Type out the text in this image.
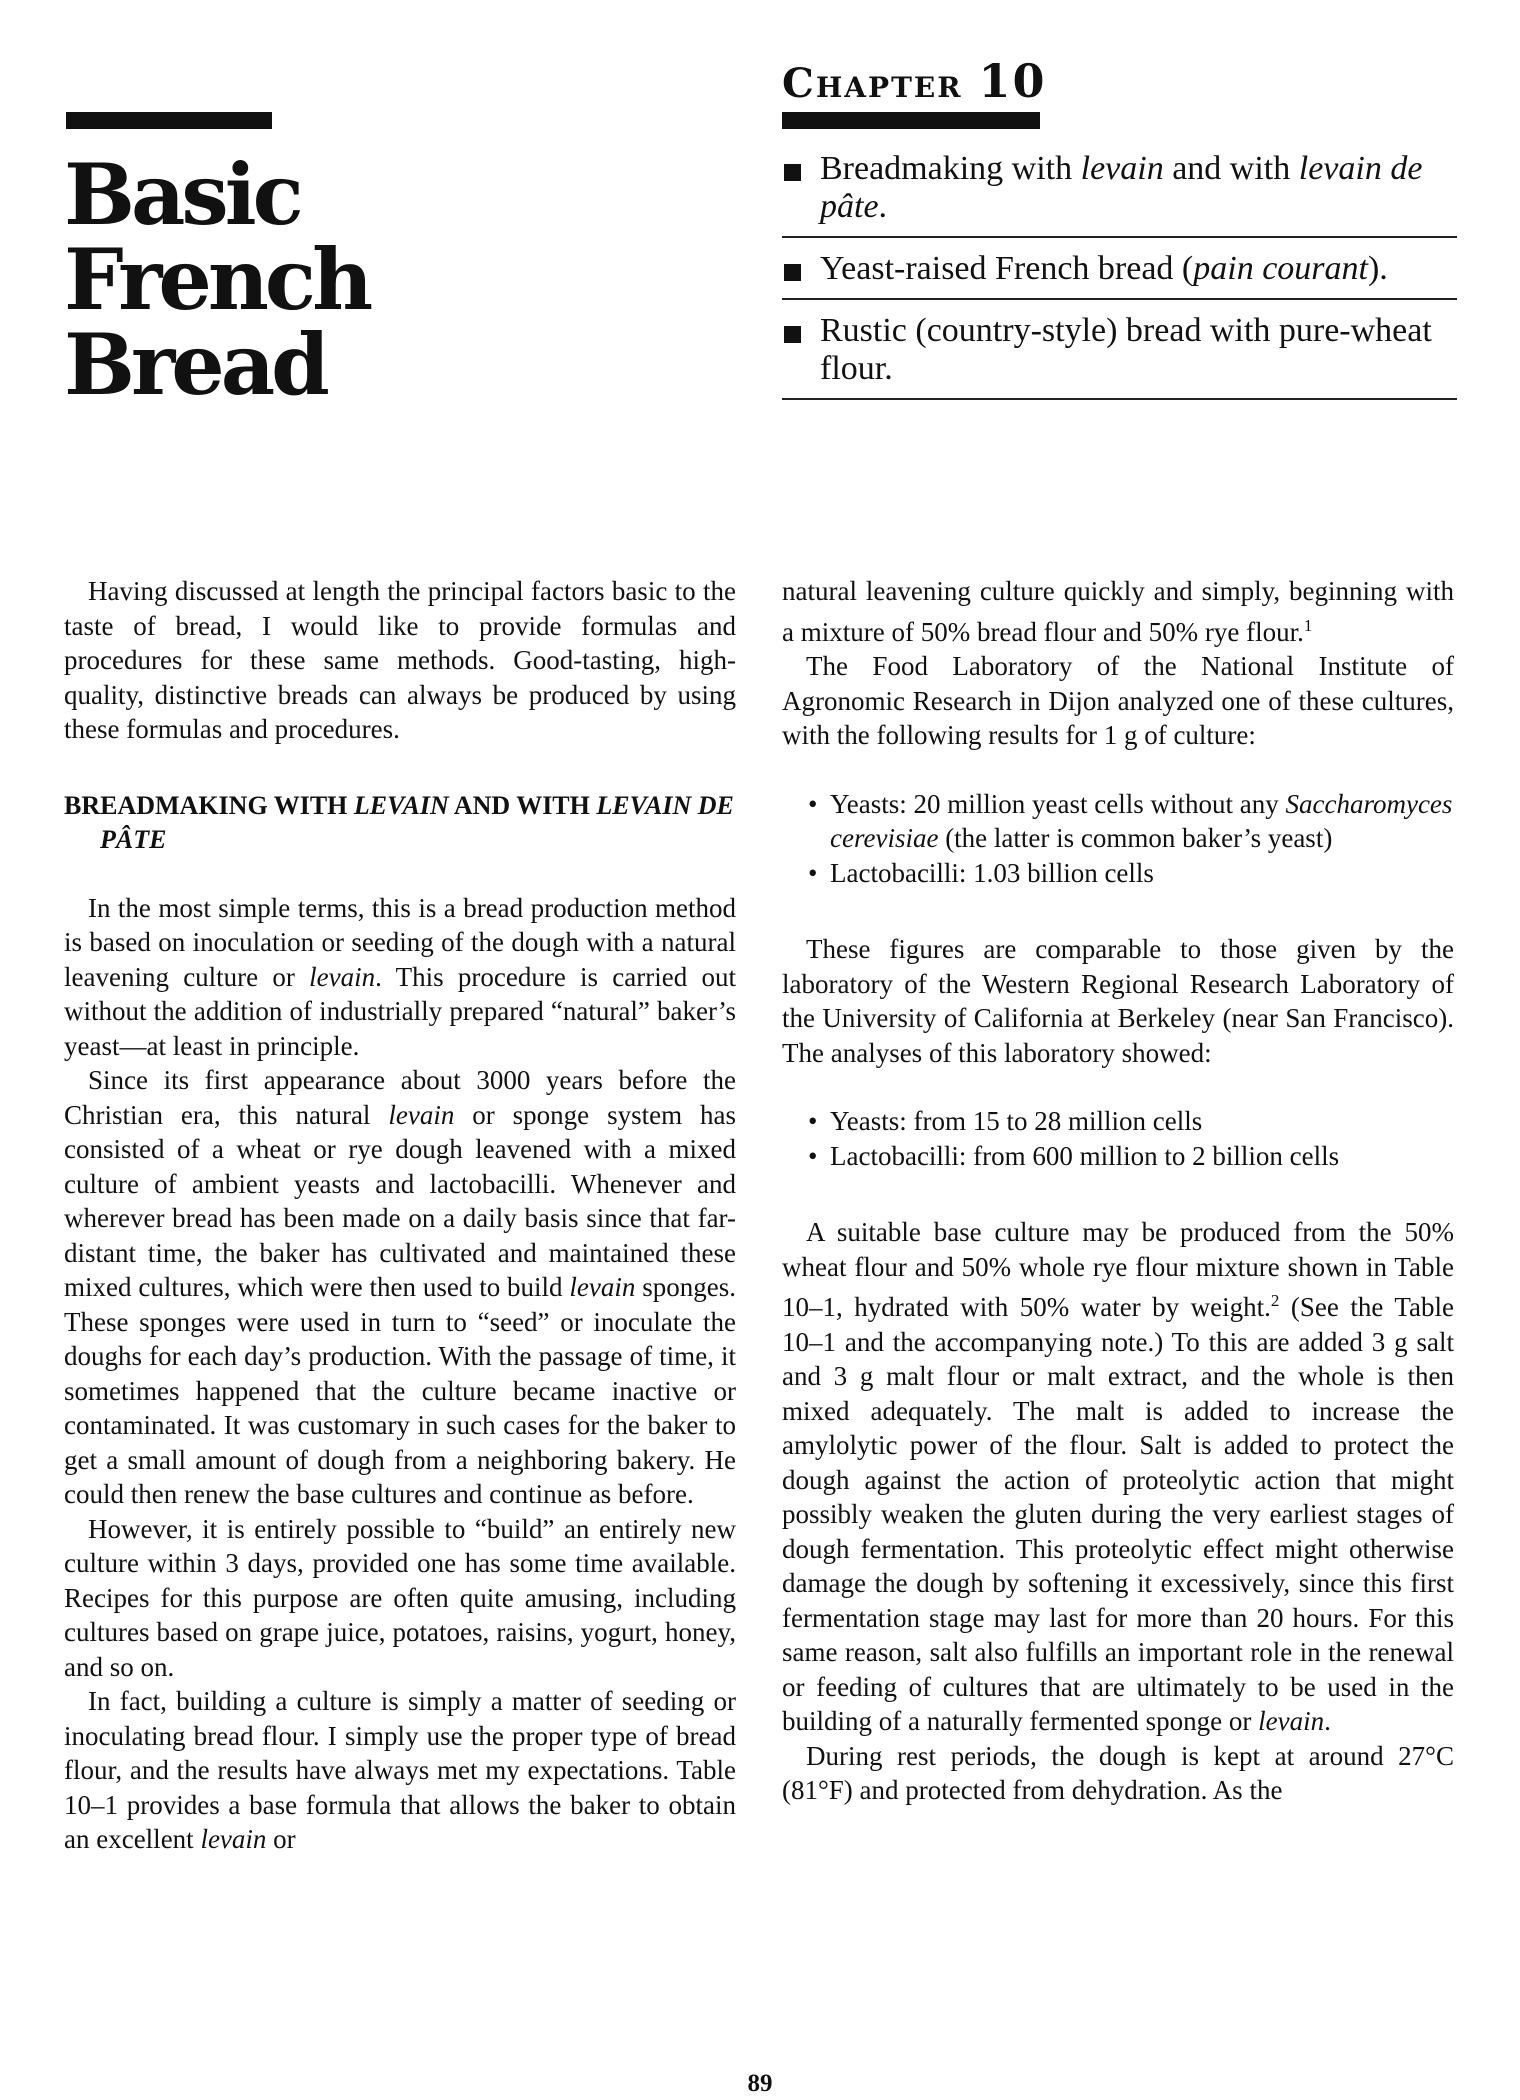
Basic
French Bread
Chapter 10
Breadmaking with levain and with levain de pâte.
Yeast-raised French bread (pain courant).
Rustic (country-style) bread with pure-wheat flour.

Having discussed at length the principal factors basic to the taste of bread, I would like to provide formulas and procedures for these same methods. Good-tasting, high-quality, distinctive breads can always be produced by using these formulas and procedures.

BREADMAKING WITH LEVAIN AND WITH LEVAIN DE PÂTE

In the most simple terms, this is a bread production method is based on inoculation or seeding of the dough with a natural leavening culture or levain. This procedure is carried out without the addition of industrially prepared “natural” baker’s yeast—at least in principle.

Since its first appearance about 3000 years before the Christian era, this natural levain or sponge system has consisted of a wheat or rye dough leavened with a mixed culture of ambient yeasts and lactobacilli. Whenever and wherever bread has been made on a daily basis since that far-distant time, the baker has cultivated and maintained these mixed cultures, which were then used to build levain sponges. These sponges were used in turn to “seed” or inoculate the doughs for each day’s production. With the passage of time, it sometimes happened that the culture became inactive or contaminated. It was customary in such cases for the baker to get a small amount of dough from a neighboring bakery. He could then renew the base cultures and continue as before.

However, it is entirely possible to “build” an entirely new culture within 3 days, provided one has some time available. Recipes for this purpose are often quite amusing, including cultures based on grape juice, potatoes, raisins, yogurt, honey, and so on.

In fact, building a culture is simply a matter of seeding or inoculating bread flour. I simply use the proper type of bread flour, and the results have always met my expectations. Table 10–1 provides a base formula that allows the baker to obtain an excellent levain or

natural leavening culture quickly and simply, beginning with a mixture of 50% bread flour and 50% rye flour.$^1$

The Food Laboratory of the National Institute of Agronomic Research in Dijon analyzed one of these cultures, with the following results for 1 g of culture:

• Yeasts: 20 million yeast cells without any Saccharomyces cerevisiae (the latter is common baker’s yeast)
• Lactobacilli: 1.03 billion cells

These figures are comparable to those given by the laboratory of the Western Regional Research Laboratory of the University of California at Berkeley (near San Francisco). The analyses of this laboratory showed:

• Yeasts: from 15 to 28 million cells
• Lactobacilli: from 600 million to 2 billion cells

A suitable base culture may be produced from the 50% wheat flour and 50% whole rye flour mixture shown in Table 10–1, hydrated with 50% water by weight.$^2$ (See the Table 10–1 and the accompanying note.) To this are added 3 g salt and 3 g malt flour or malt extract, and the whole is then mixed adequately. The malt is added to increase the amylolytic power of the flour. Salt is added to protect the dough against the action of proteolytic action that might possibly weaken the gluten during the very earliest stages of dough fermentation. This proteolytic effect might otherwise damage the dough by softening it excessively, since this first fermentation stage may last for more than 20 hours. For this same reason, salt also fulfills an important role in the renewal or feeding of cultures that are ultimately to be used in the building of a naturally fermented sponge or levain.

During rest periods, the dough is kept at around 27°C (81°F) and protected from dehydration. As the

89
